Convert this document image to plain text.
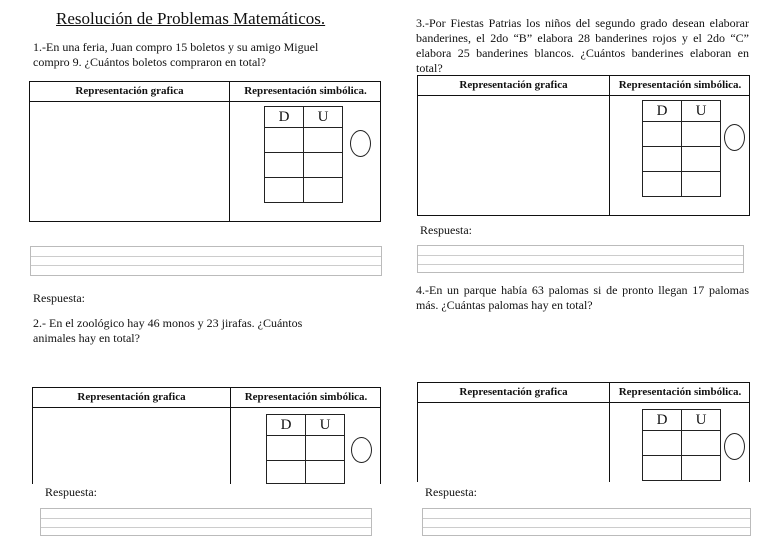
Resolución de Problemas Matemáticos.
1.-En una feria, Juan compro 15 boletos y su amigo Miguel compro 9. ¿Cuántos boletos compraron en total?
Representación grafica	Representación simbólica.
D	U

Respuesta:
2.- En el zoológico hay 46 monos y 23 jirafas. ¿Cuántos animales hay en total?
Representación grafica	Representación simbólica.
D	U

Respuesta:
3.-Por Fiestas Patrias los niños del segundo grado desean elaborar banderines, el 2do “B” elabora 28 banderines rojos y el 2do “C” elabora 25 banderines blancos. ¿Cuántos banderines elaboran en total?
Representación grafica	Representación simbólica.
D	U

Respuesta:
4.-En un parque había 63 palomas si de pronto llegan 17 palomas más. ¿Cuántas palomas hay en total?
Representación grafica	Representación simbólica.
D	U

Respuesta:
